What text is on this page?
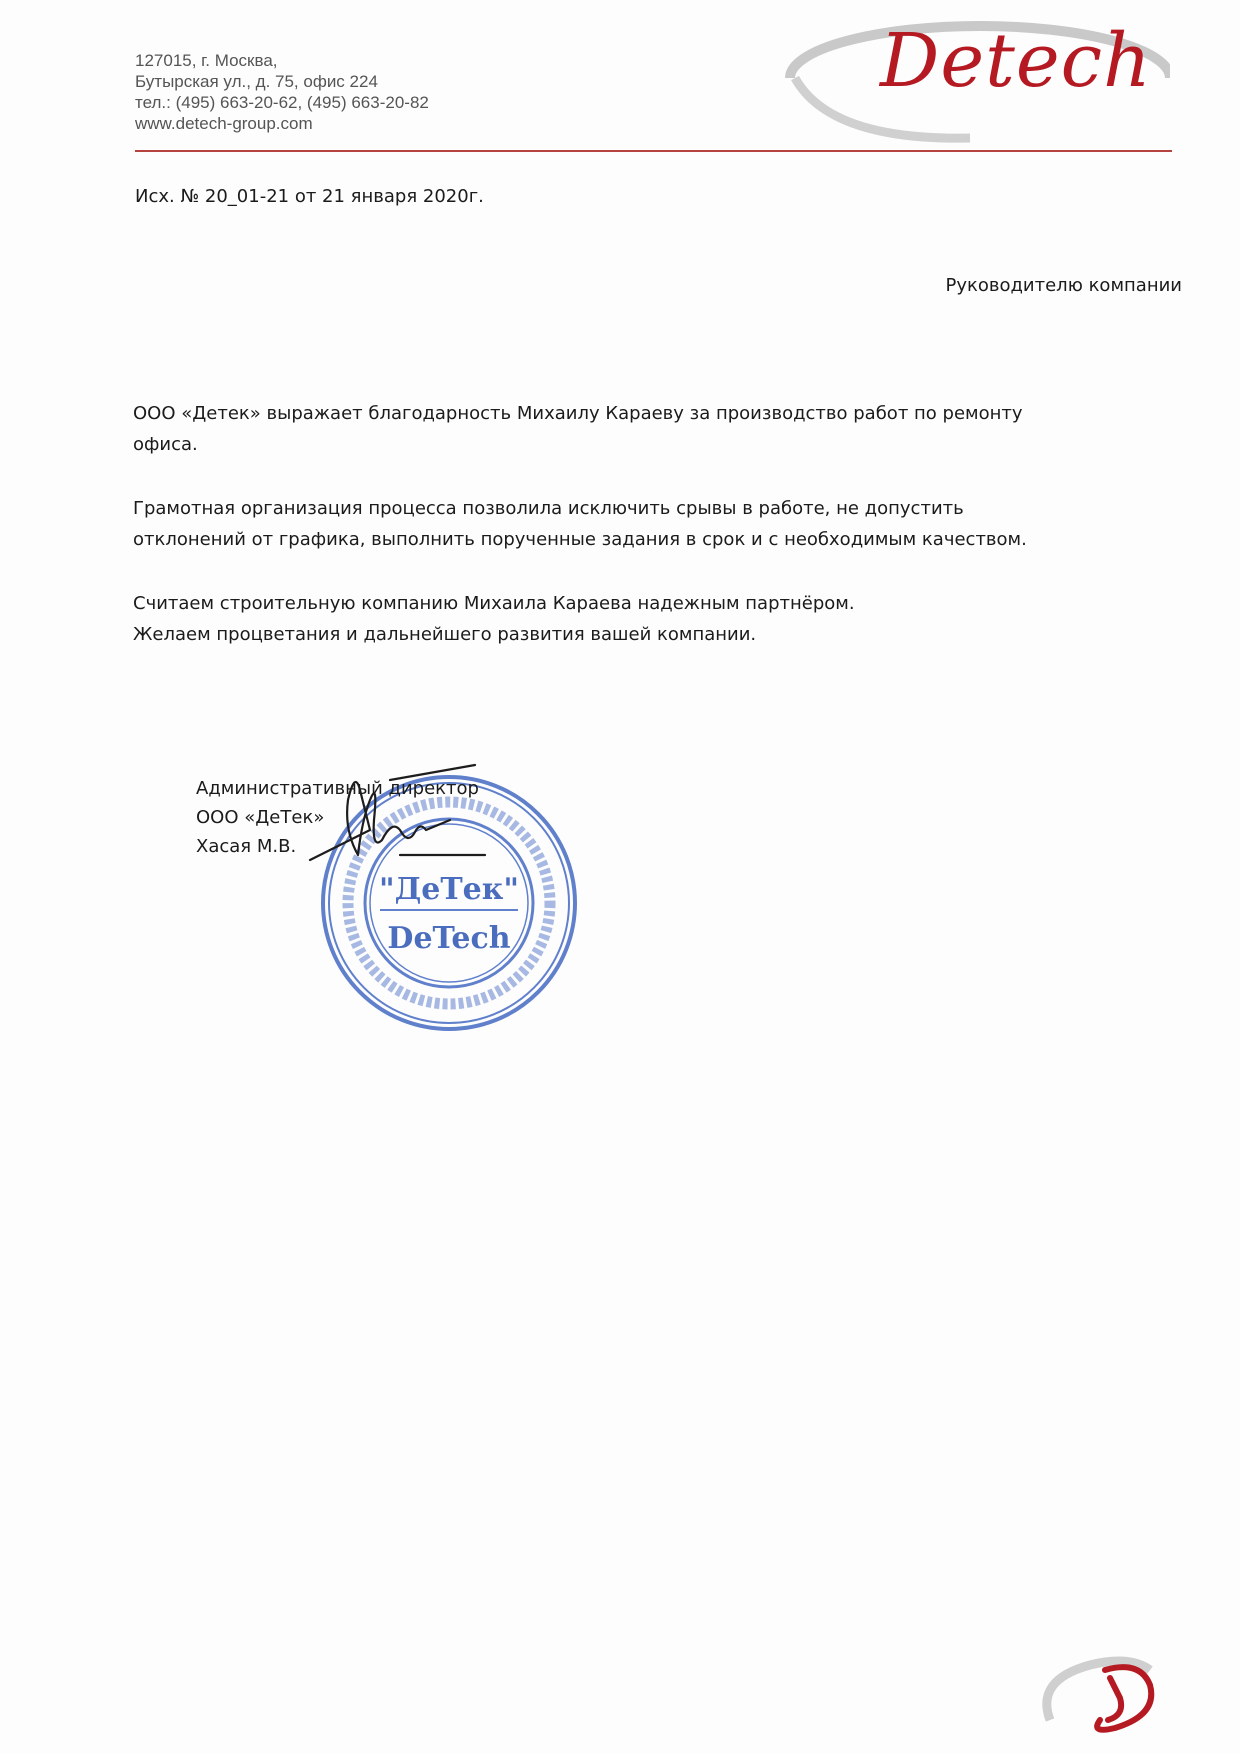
127015, г. Москва,
Бутырская ул., д. 75, офис 224
тел.: (495) 663-20-62, (495) 663-20-82
www.detech-group.com
Detech
Исх. № 20_01-21 от 21 января 2020г.
Руководителю компании

ООО «Детек» выражает благодарность Михаилу Караеву за производство работ по ремонту
офиса.

Грамотная организация процесса позволила исключить срывы в работе, не допустить
отклонений от графика, выполнить порученные задания в срок и с необходимым качеством.

Считаем строительную компанию Михаила Караева надежным партнёром.
Желаем процветания и дальнейшего развития вашей компании.

"ДеТек"
DeTech
Административный директор
ООО «ДеТек»
Хасая М.В.
